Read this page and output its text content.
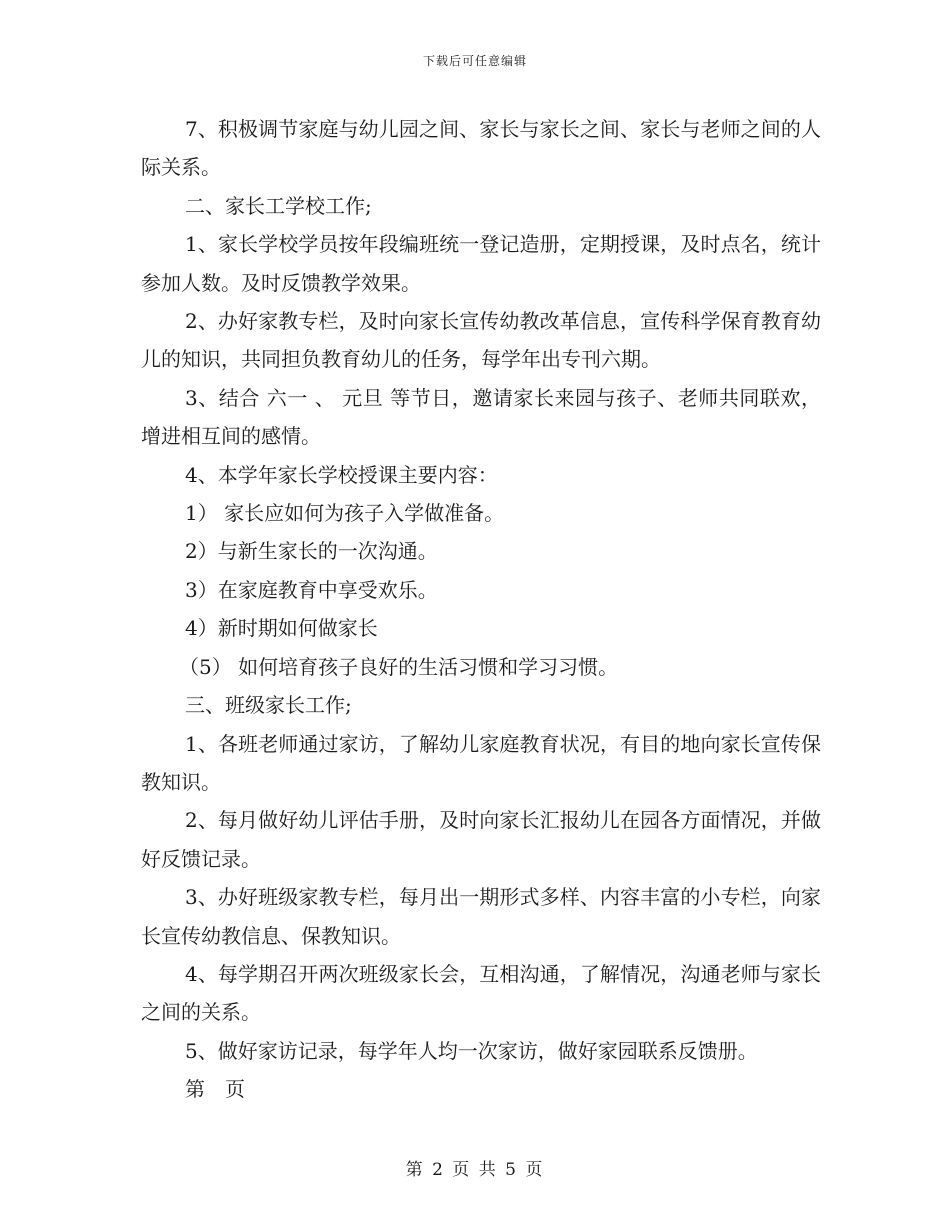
下载后可任意编辑

7、积极调节家庭与幼儿园之间、家长与家长之间、家长与老师之间的人际关系。

二、家长工学校工作;

1、家长学校学员按年段编班统一登记造册，定期授课，及时点名，统计参加人数。及时反馈教学效果。

2、办好家教专栏，及时向家长宣传幼教改革信息，宣传科学保育教育幼儿的知识，共同担负教育幼儿的任务，每学年出专刊六期。

3、结合 六一 、 元旦 等节日，邀请家长来园与孩子、老师共同联欢，增进相互间的感情。

4、本学年家长学校授课主要内容：

1） 家长应如何为孩子入学做准备。

2）与新生家长的一次沟通。

3）在家庭教育中享受欢乐。

4）新时期如何做家长

（5） 如何培育孩子良好的生活习惯和学习习惯。

三、班级家长工作;

1、各班老师通过家访，了解幼儿家庭教育状况，有目的地向家长宣传保教知识。

2、每月做好幼儿评估手册，及时向家长汇报幼儿在园各方面情况，并做好反馈记录。

3、办好班级家教专栏，每月出一期形式多样、内容丰富的小专栏，向家长宣传幼教信息、保教知识。

4、每学期召开两次班级家长会，互相沟通，了解情况，沟通老师与家长之间的关系。

5、做好家访记录，每学年人均一次家访，做好家园联系反馈册。

第　页

第 2 页 共 5 页
